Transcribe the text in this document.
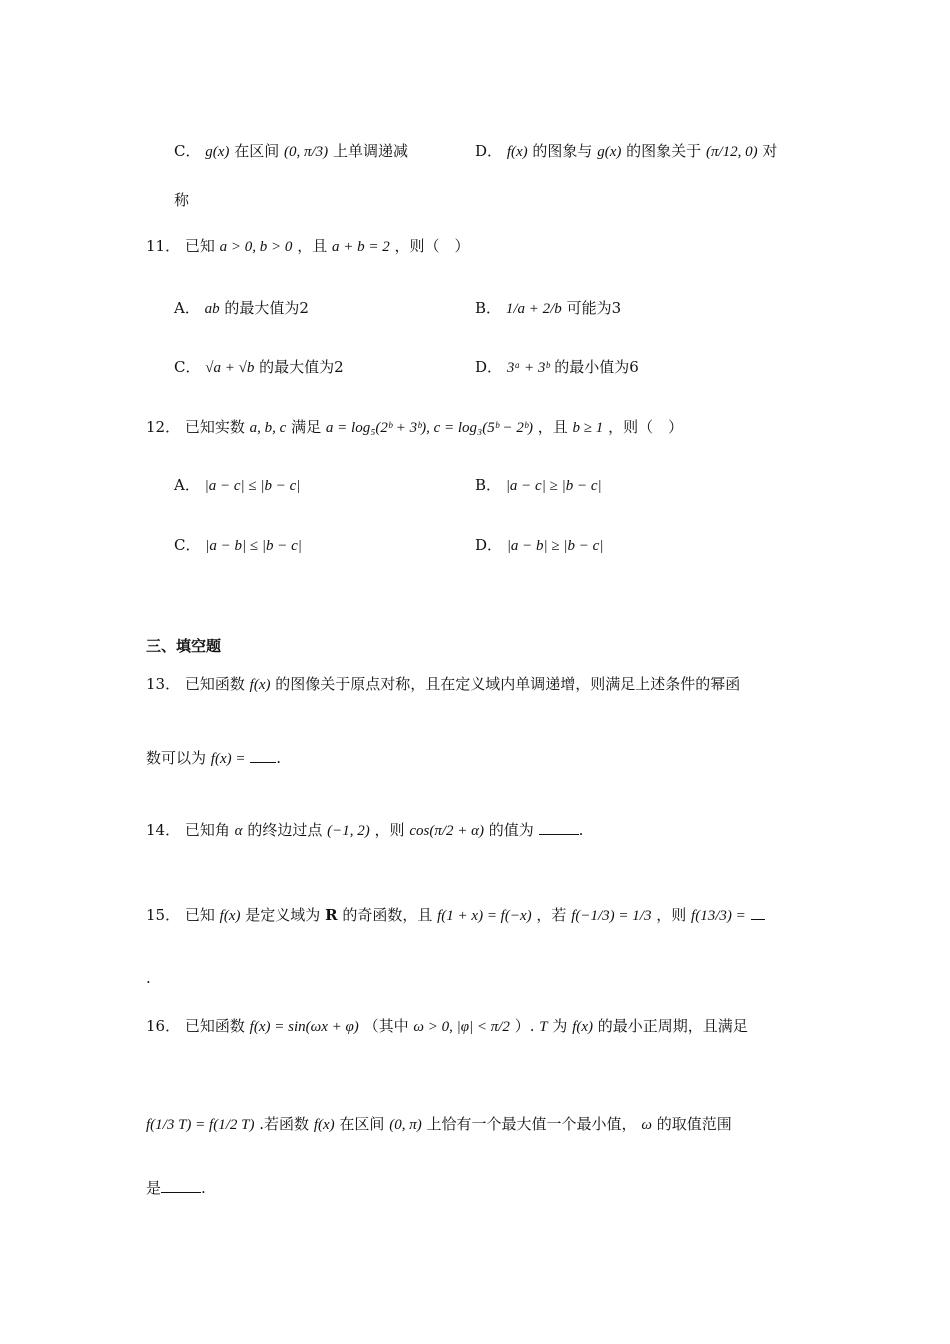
C． g(x) 在区间 (0, π/3) 上单调递减	D． f(x) 的图象与 g(x) 的图象关于 (π/12, 0) 对
称
11． 已知 a > 0, b > 0 ，且 a + b = 2 ，则（　）
A． ab 的最大值为2	B． 1/a + 2/b 可能为3
C． √a + √b 的最大值为2	D． 3ᵃ + 3ᵇ 的最小值为6
12． 已知实数 a, b, c 满足 a = log₅(2ᵇ + 3ᵇ), c = log₃(5ᵇ − 2ᵇ) ，且 b ≥ 1 ，则（　）
A． |a − c| ≤ |b − c|	B． |a − c| ≥ |b − c|
C． |a − b| ≤ |b − c|	D． |a − b| ≥ |b − c|
三、填空题
13． 已知函数 f(x) 的图像关于原点对称，且在定义域内单调递增，则满足上述条件的幂函
数可以为 f(x) = .
14． 已知角 α 的终边过点 (−1, 2) ，则 cos(π/2 + α) 的值为	.
15． 已知 f(x) 是定义域为 R 的奇函数，且 f(1 + x) = f(−x) ，若 f(−1/3) = 1/3 ，则 f(13/3) =
.
16． 已知函数 f(x) = sin(ωx + φ) （其中 ω > 0, |φ| < π/2 ）. T 为 f(x) 的最小正周期，且满足
f(1/3 T) = f(1/2 T) .若函数 f(x) 在区间 (0, π) 上恰有一个最大值一个最小值， ω 的取值范围
是	.
